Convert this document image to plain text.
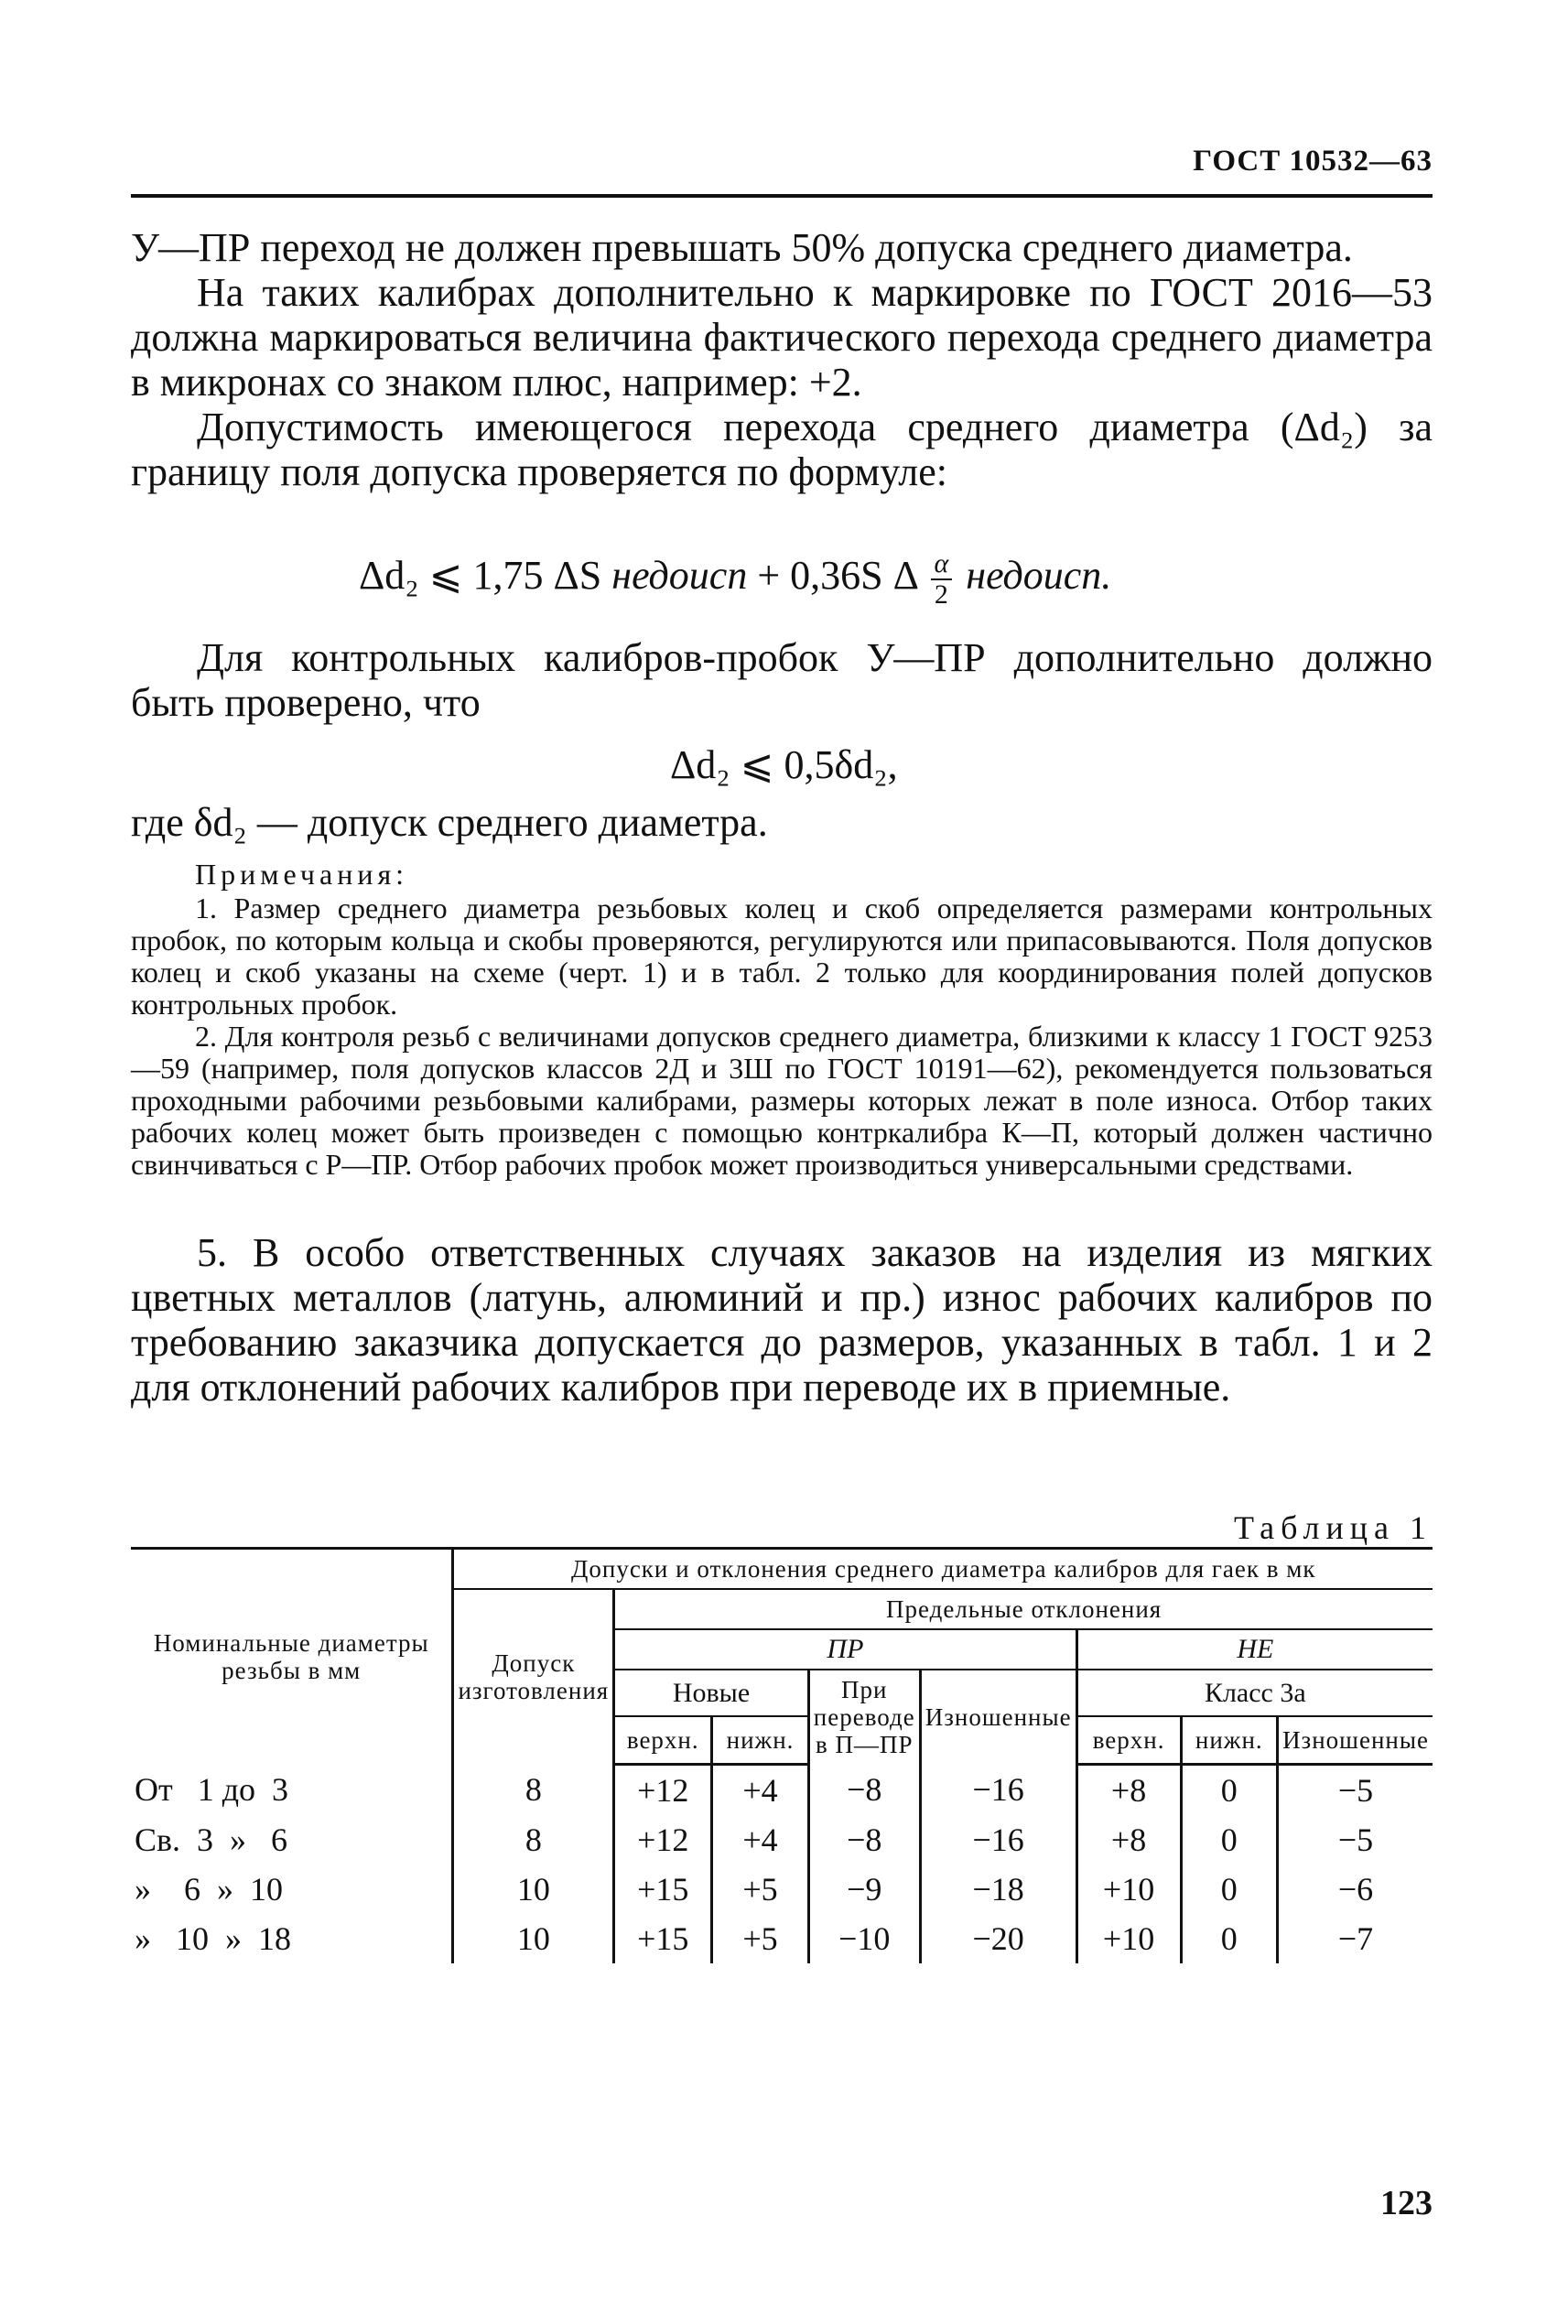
ГОСТ 10532—63

У—ПР переход не должен превышать 50% допуска среднего диаметра.

На таких калибрах дополнительно к маркировке по ГОСТ 2016—53 должна маркироваться величина фактического перехода среднего диаметра в микронах со знаком плюс, например: +2.

Допустимость имеющегося перехода среднего диаметра (Δd₂) за границу поля допуска проверяется по формуле:

Δd₂ ⩽ 1,75 ΔS недоисп + 0,36S Δ $\frac{\alpha}{2}$ недоисп.

Для контрольных калибров-пробок У—ПР дополнительно должно быть проверено, что

Δd₂ ⩽ 0,5δd₂,

где δd₂ — допуск среднего диаметра.

Примечания:

1. Размер среднего диаметра резьбовых колец и скоб определяется размерами контрольных пробок, по которым кольца и скобы проверяются, регулируются или припасовываются. Поля допусков колец и скоб указаны на схеме (черт. 1) и в табл. 2 только для координирования полей допусков контрольных пробок.

2. Для контроля резьб с величинами допусков среднего диаметра, близкими к классу 1 ГОСТ 9253—59 (например, поля допусков классов 2Д и 3Ш по ГОСТ 10191—62), рекомендуется пользоваться проходными рабочими резьбовыми калибрами, размеры которых лежат в поле износа. Отбор таких рабочих колец может быть произведен с помощью контркалибра К—П, который должен частично свинчиваться с Р—ПР. Отбор рабочих пробок может производиться универсальными средствами.

5. В особо ответственных случаях заказов на изделия из мягких цветных металлов (латунь, алюминий и пр.) износ рабочих калибров по требованию заказчика допускается до размеров, указанных в табл. 1 и 2 для отклонений рабочих калибров при переводе их в приемные.

Таблица 1
Номинальные диаметры резьбы в мм	Допуски и отклонения среднего диаметра калибров для гаек в мк							
	Допуск изготовления	Предельные отклонения						
		ПР				НЕ		
		Новые		При переводе в П—ПР	Изношенные	Класс 3а		
		верхн.	нижн.			верхн.	нижн.	Изношенные
От   1 до  3	8	+12	+4	−8	−16	+8	0	−5
Св.  3  »   6	8	+12	+4	−8	−16	+8	0	−5
»    6  »  10	10	+15	+5	−9	−18	+10	0	−6
»   10  »  18	10	+15	+5	−10	−20	+10	0	−7
123
